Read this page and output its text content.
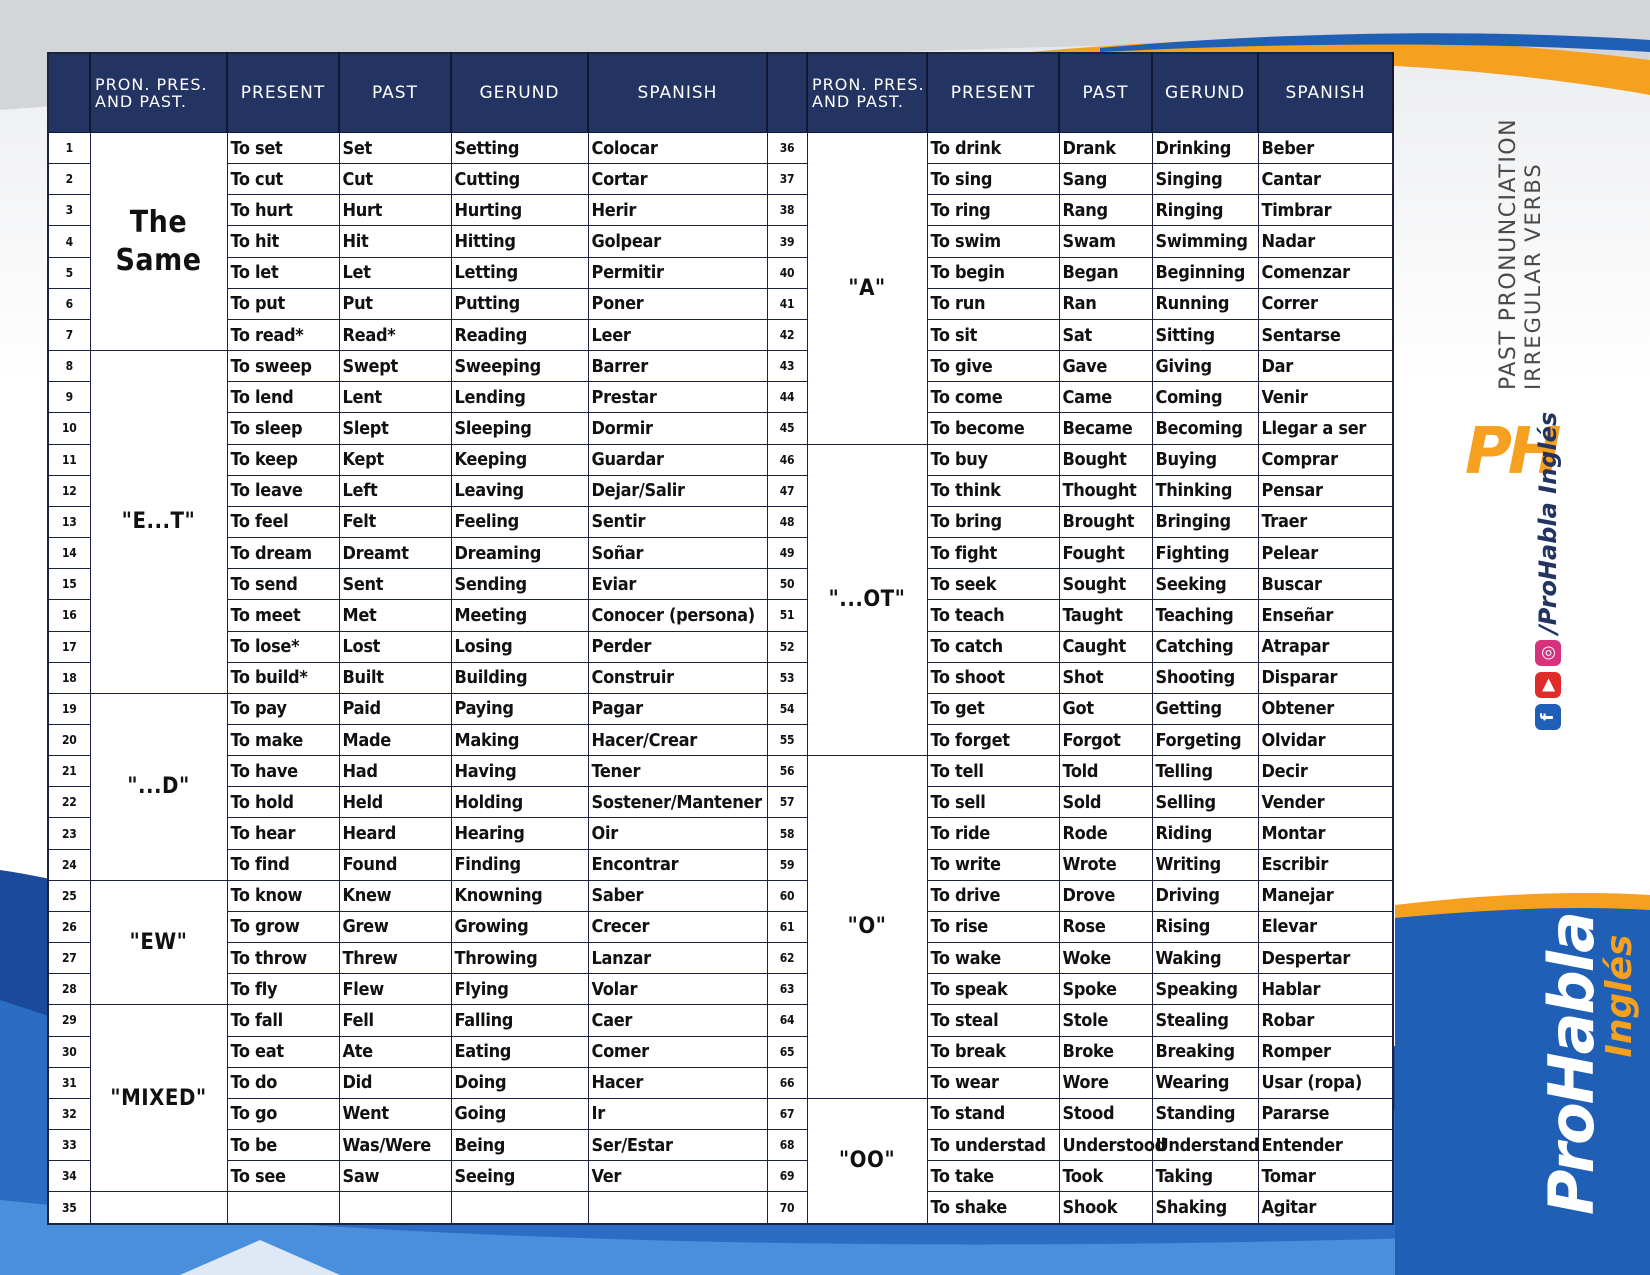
	PRON. PRES. AND PAST.	PRESENT	PAST	GERUND	SPANISH		PRON. PRES. AND PAST.	PRESENT	PAST	GERUND	SPANISH
1	The Same	To set	Set	Setting	Colocar	36	"A"	To drink	Drank	Drinking	Beber
2		To cut	Cut	Cutting	Cortar	37		To sing	Sang	Singing	Cantar
3		To hurt	Hurt	Hurting	Herir	38		To ring	Rang	Ringing	Timbrar
4		To hit	Hit	Hitting	Golpear	39		To swim	Swam	Swimming	Nadar
5		To let	Let	Letting	Permitir	40		To begin	Began	Beginning	Comenzar
6		To put	Put	Putting	Poner	41		To run	Ran	Running	Correr
7		To read*	Read*	Reading	Leer	42		To sit	Sat	Sitting	Sentarse
8	"E...T"	To sweep	Swept	Sweeping	Barrer	43		To give	Gave	Giving	Dar
9		To lend	Lent	Lending	Prestar	44		To come	Came	Coming	Venir
10		To sleep	Slept	Sleeping	Dormir	45		To become	Became	Becoming	Llegar a ser
11		To keep	Kept	Keeping	Guardar	46	"...OT"	To buy	Bought	Buying	Comprar
12		To leave	Left	Leaving	Dejar/Salir	47		To think	Thought	Thinking	Pensar
13		To feel	Felt	Feeling	Sentir	48		To bring	Brought	Bringing	Traer
14		To dream	Dreamt	Dreaming	Soñar	49		To fight	Fought	Fighting	Pelear
15		To send	Sent	Sending	Eviar	50		To seek	Sought	Seeking	Buscar
16		To meet	Met	Meeting	Conocer (persona)	51		To teach	Taught	Teaching	Enseñar
17		To lose*	Lost	Losing	Perder	52		To catch	Caught	Catching	Atrapar
18		To build*	Built	Building	Construir	53		To shoot	Shot	Shooting	Disparar
19	"...D"	To pay	Paid	Paying	Pagar	54		To get	Got	Getting	Obtener
20		To make	Made	Making	Hacer/Crear	55		To forget	Forgot	Forgeting	Olvidar
21		To have	Had	Having	Tener	56	"O"	To tell	Told	Telling	Decir
22		To hold	Held	Holding	Sostener/Mantener	57		To sell	Sold	Selling	Vender
23		To hear	Heard	Hearing	Oir	58		To ride	Rode	Riding	Montar
24		To find	Found	Finding	Encontrar	59		To write	Wrote	Writing	Escribir
25	"EW"	To know	Knew	Knowning	Saber	60		To drive	Drove	Driving	Manejar
26		To grow	Grew	Growing	Crecer	61		To rise	Rose	Rising	Elevar
27		To throw	Threw	Throwing	Lanzar	62		To wake	Woke	Waking	Despertar
28		To fly	Flew	Flying	Volar	63		To speak	Spoke	Speaking	Hablar
29	"MIXED"	To fall	Fell	Falling	Caer	64		To steal	Stole	Stealing	Robar
30		To eat	Ate	Eating	Comer	65		To break	Broke	Breaking	Romper
31		To do	Did	Doing	Hacer	66		To wear	Wore	Wearing	Usar (ropa)
32		To go	Went	Going	Ir	67	"OO"	To stand	Stood	Standing	Pararse
33		To be	Was/Were	Being	Ser/Estar	68		To understad	Understood	Understand	Entender
34		To see	Saw	Seeing	Ver	69		To take	Took	Taking	Tomar
35						70		To shake	Shook	Shaking	Agitar
PAST PRONUNCIATION IRREGULAR VERBS
PH
f
▶
◎
/ProHabla Inglés
ProHabla Inglés
